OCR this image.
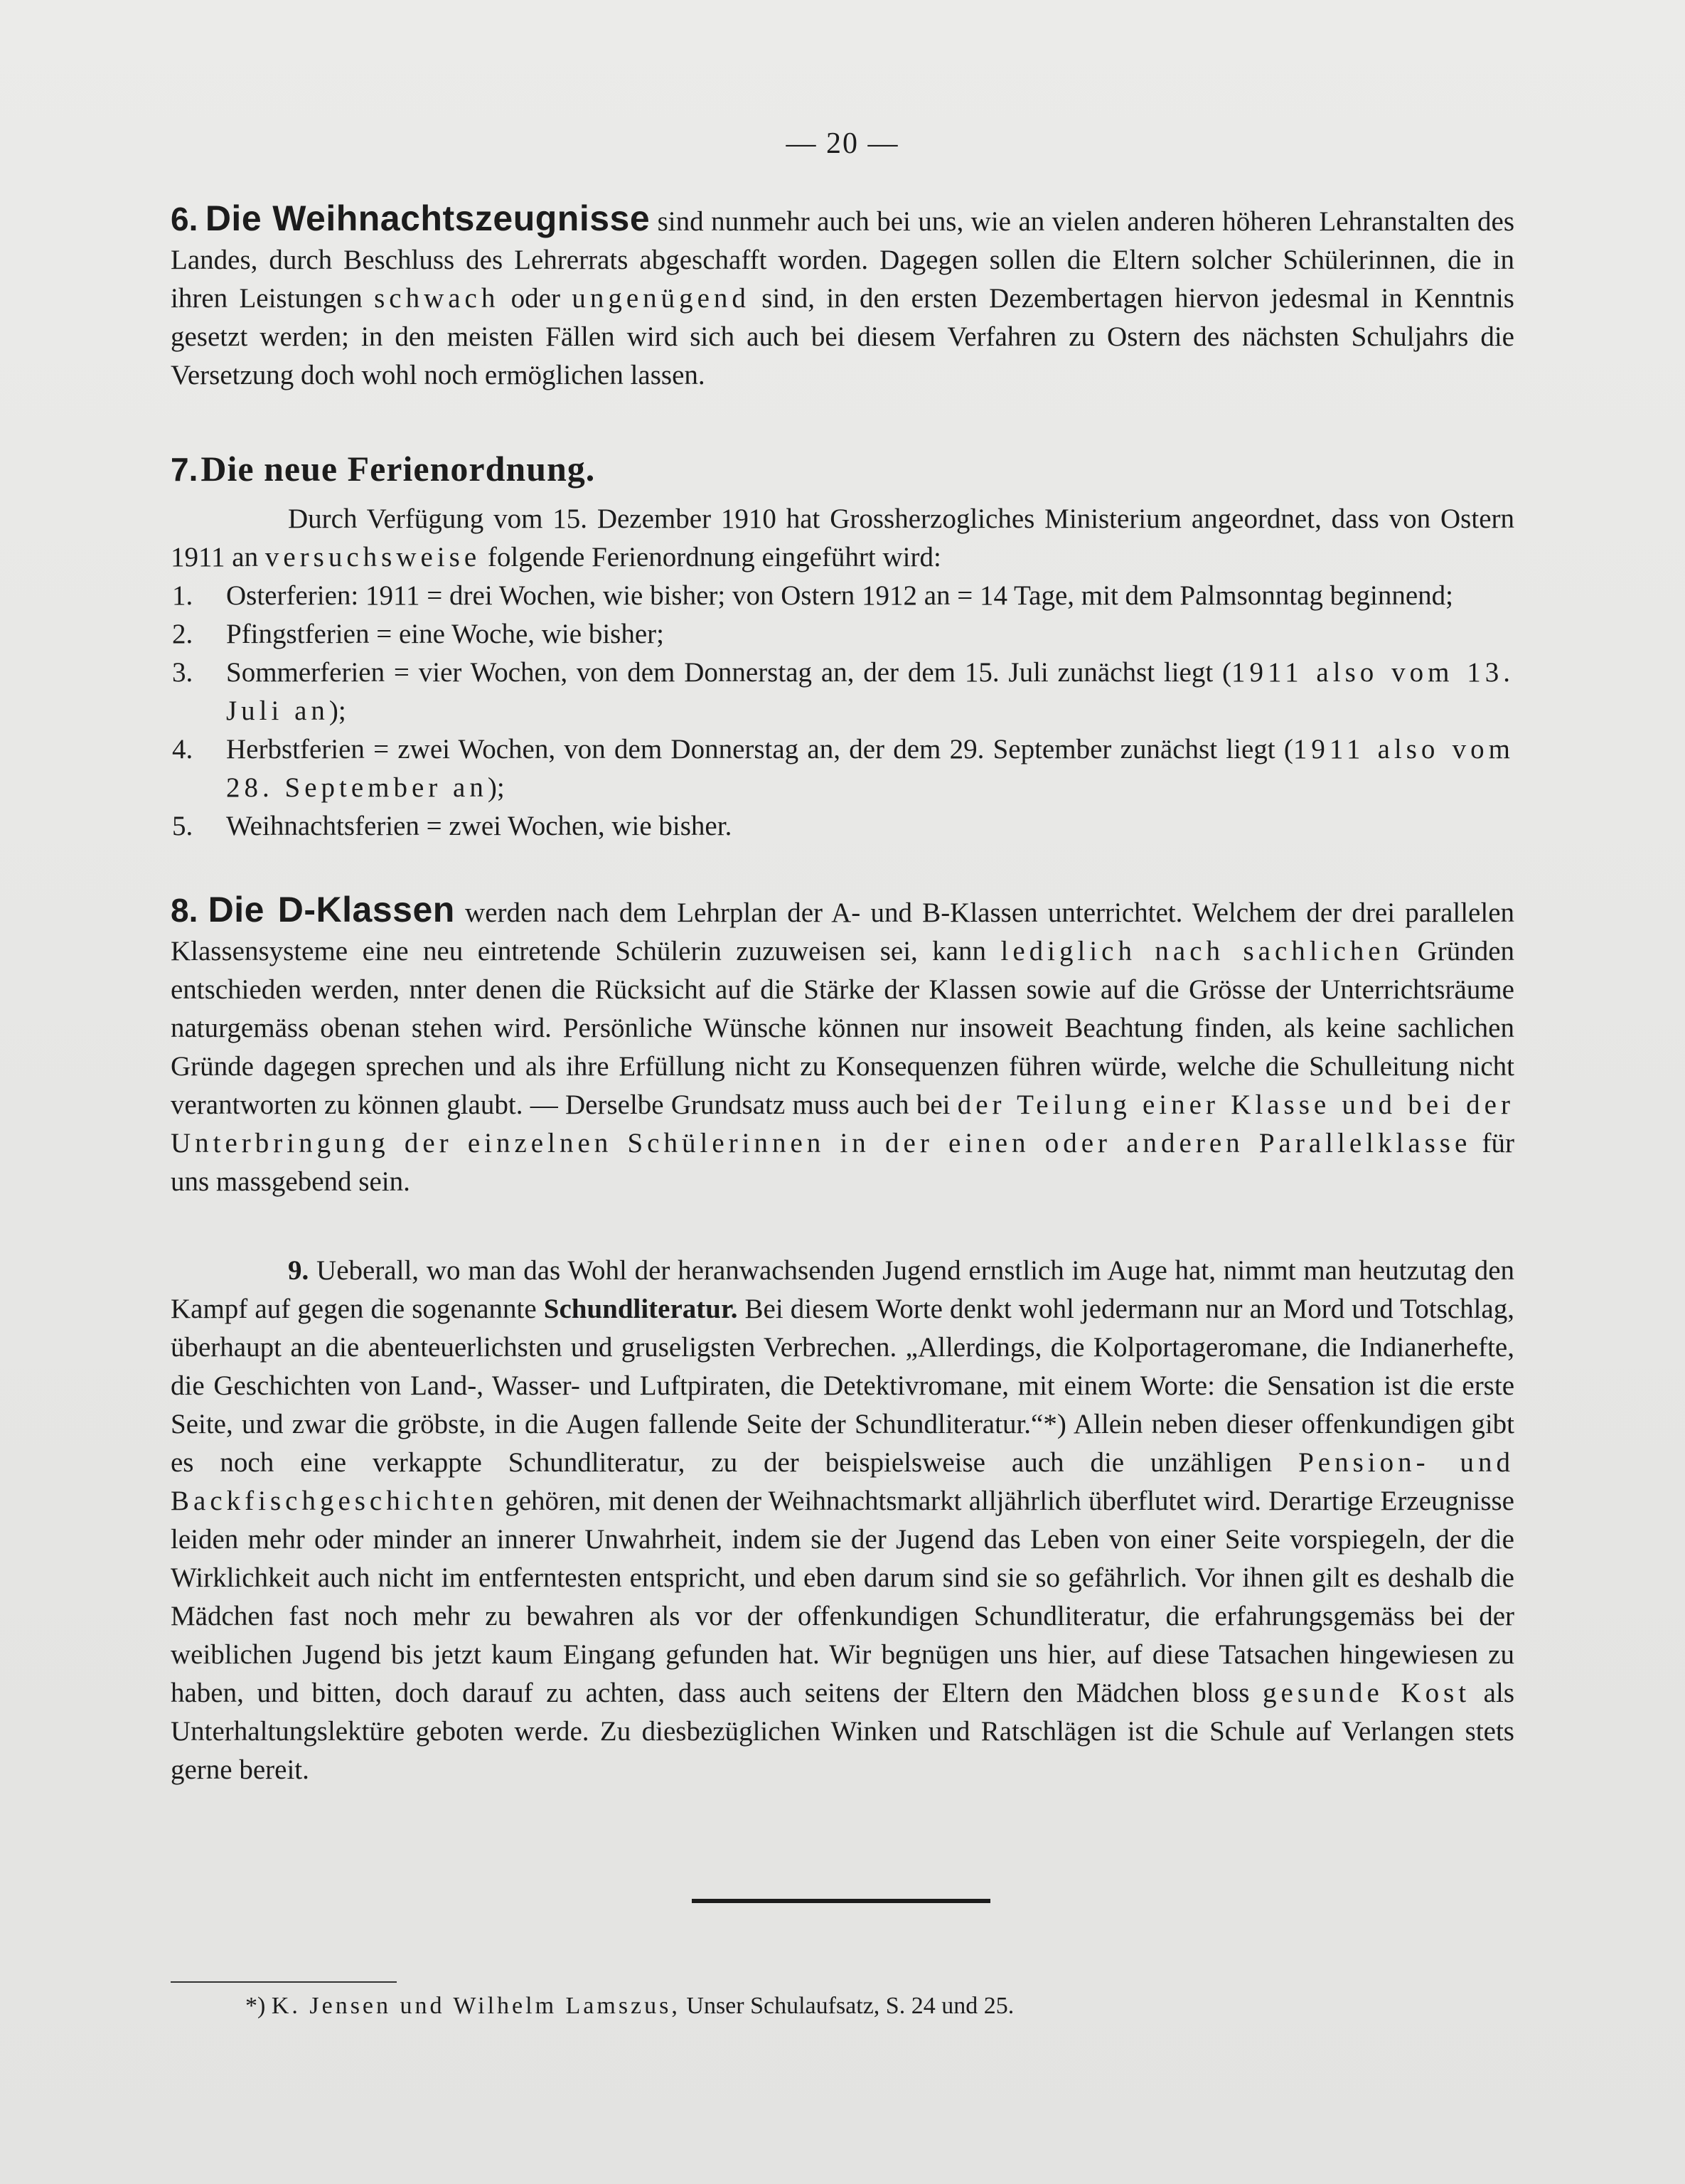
— 20 —

6. Die Weihnachtszeugnisse sind nunmehr auch bei uns, wie an vielen anderen höheren Lehranstalten des Landes, durch Beschluss des Lehrerrats abgeschafft worden. Dagegen sollen die Eltern solcher Schülerinnen, die in ihren Leistungen schwach oder ungenügend sind, in den ersten Dezembertagen hiervon jedesmal in Kenntnis gesetzt werden; in den meisten Fällen wird sich auch bei diesem Verfahren zu Ostern des nächsten Schuljahrs die Versetzung doch wohl noch ermöglichen lassen.

7. Die neue Ferienordnung.

Durch Verfügung vom 15. Dezember 1910 hat Grossherzogliches Ministerium angeordnet, dass von Ostern 1911 an versuchsweise folgende Ferienordnung eingeführt wird:

1. Osterferien: 1911 = drei Wochen, wie bisher; von Ostern 1912 an = 14 Tage, mit dem Palmsonntag beginnend;
2. Pfingstferien = eine Woche, wie bisher;
3. Sommerferien = vier Wochen, von dem Donnerstag an, der dem 15. Juli zunächst liegt (1911 also vom 13. Juli an);
4. Herbstferien = zwei Wochen, von dem Donnerstag an, der dem 29. September zunächst liegt (1911 also vom 28. September an);
5. Weihnachtsferien = zwei Wochen, wie bisher.

8. Die D-Klassen werden nach dem Lehrplan der A- und B-Klassen unterrichtet. Welchem der drei parallelen Klassensysteme eine neu eintretende Schülerin zuzuweisen sei, kann lediglich nach sachlichen Gründen entschieden werden, nnter denen die Rücksicht auf die Stärke der Klassen sowie auf die Grösse der Unterrichtsräume naturgemäss obenan stehen wird. Persönliche Wünsche können nur insoweit Beachtung finden, als keine sachlichen Gründe dagegen sprechen und als ihre Erfüllung nicht zu Konsequenzen führen würde, welche die Schulleitung nicht verantworten zu können glaubt. — Derselbe Grundsatz muss auch bei der Teilung einer Klasse und bei der Unterbringung der einzelnen Schülerinnen in der einen oder anderen Parallelklasse für uns massgebend sein.

9. Ueberall, wo man das Wohl der heranwachsenden Jugend ernstlich im Auge hat, nimmt man heutzutag den Kampf auf gegen die sogenannte Schundliteratur. Bei diesem Worte denkt wohl jedermann nur an Mord und Totschlag, überhaupt an die abenteuerlichsten und gruseligsten Verbrechen. „Allerdings, die Kolportageromane, die Indianerhefte, die Geschichten von Land-, Wasser- und Luftpiraten, die Detektivromane, mit einem Worte: die Sensation ist die erste Seite, und zwar die gröbste, in die Augen fallende Seite der Schundliteratur.“*) Allein neben dieser offenkundigen gibt es noch eine verkappte Schundliteratur, zu der beispielsweise auch die unzähligen Pension- und Backfischgeschichten gehören, mit denen der Weihnachtsmarkt alljährlich überflutet wird. Derartige Erzeugnisse leiden mehr oder minder an innerer Unwahrheit, indem sie der Jugend das Leben von einer Seite vorspiegeln, der die Wirklichkeit auch nicht im entferntesten entspricht, und eben darum sind sie so gefährlich. Vor ihnen gilt es deshalb die Mädchen fast noch mehr zu bewahren als vor der offenkundigen Schundliteratur, die erfahrungsgemäss bei der weiblichen Jugend bis jetzt kaum Eingang gefunden hat. Wir begnügen uns hier, auf diese Tatsachen hingewiesen zu haben, und bitten, doch darauf zu achten, dass auch seitens der Eltern den Mädchen bloss gesunde Kost als Unterhaltungslektüre geboten werde. Zu diesbezüglichen Winken und Ratschlägen ist die Schule auf Verlangen stets gerne bereit.

*) K. Jensen und Wilhelm Lamszus, Unser Schulaufsatz, S. 24 und 25.
